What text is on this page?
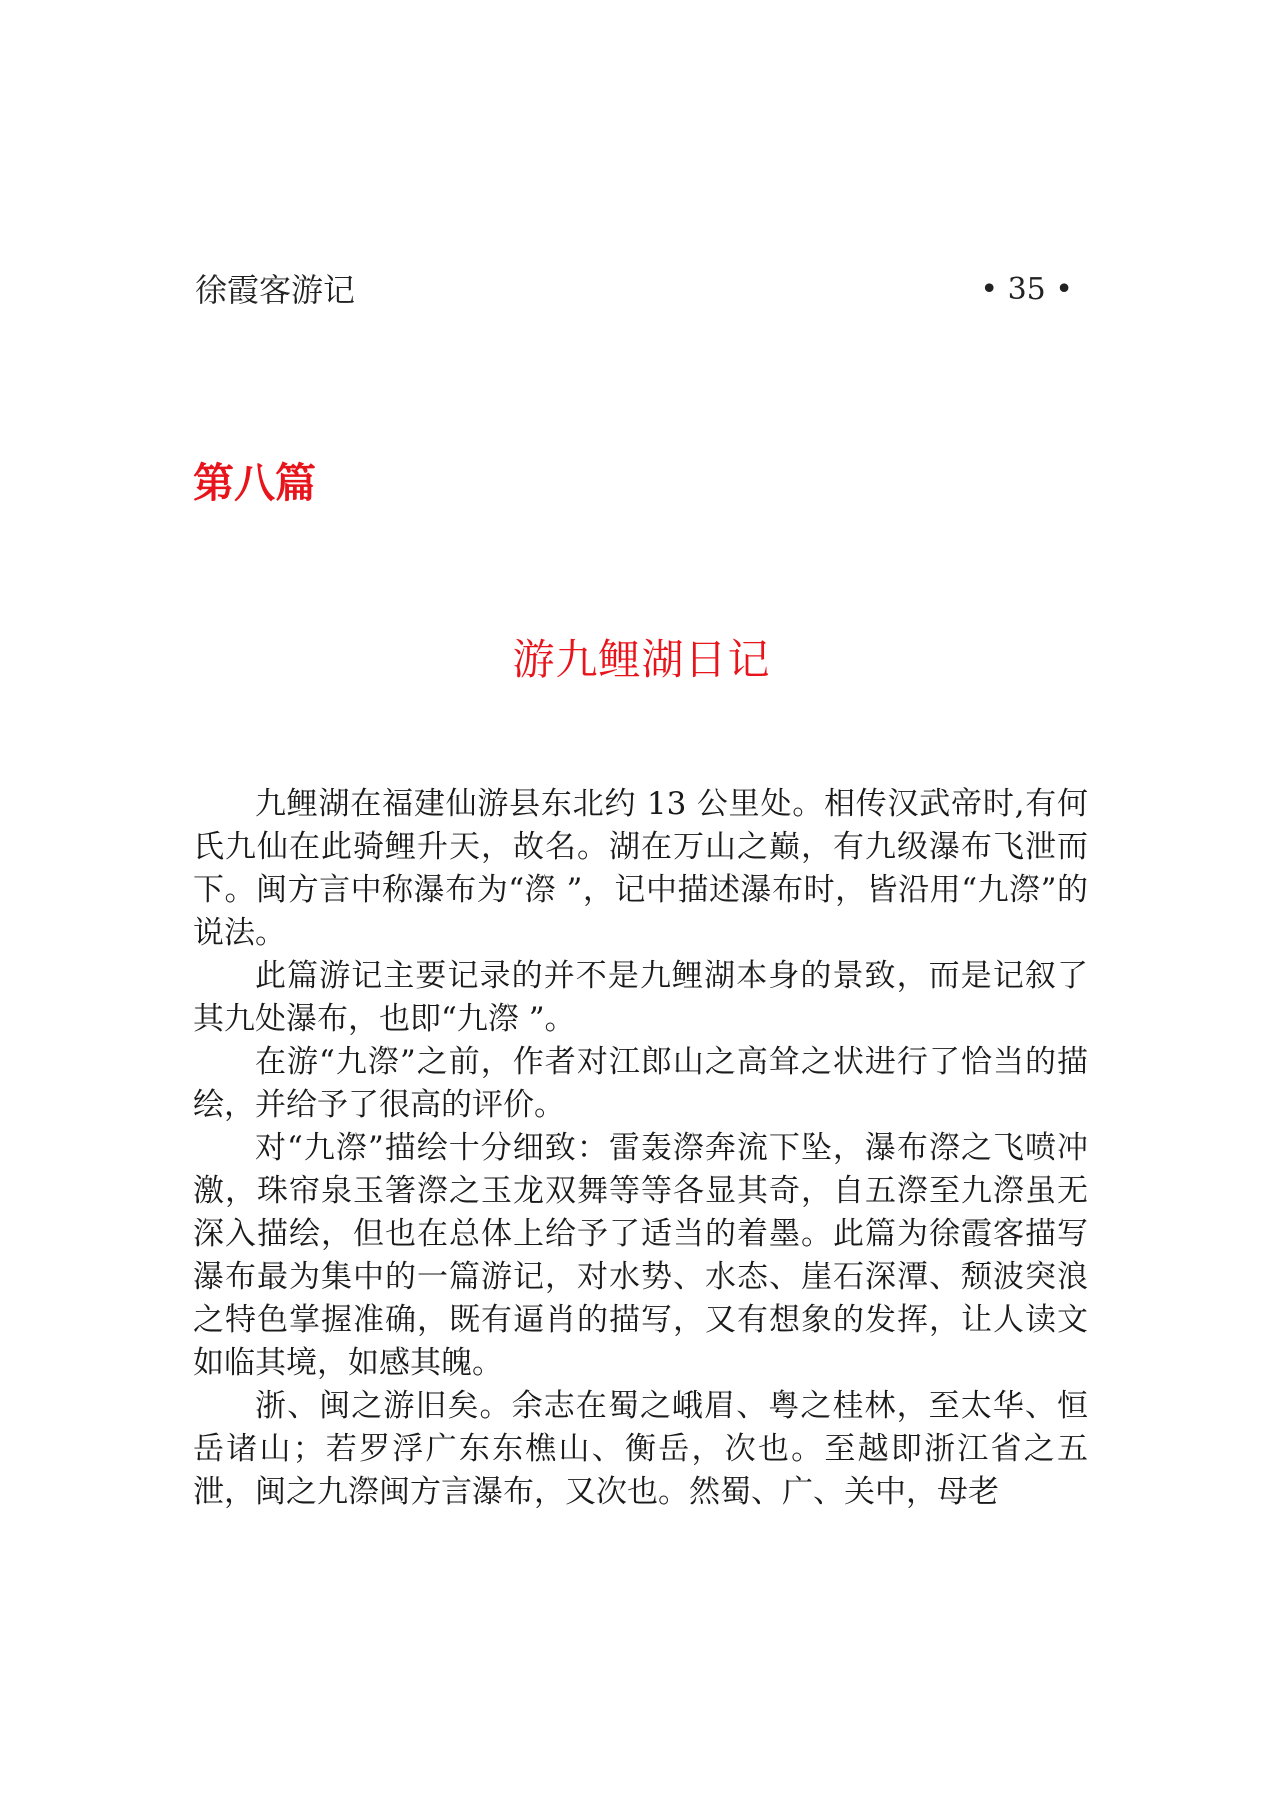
徐霞客游记	• 35 •
第八篇
游九鲤湖日记

九鲤湖在福建仙游县东北约 13 公里处。相传汉武帝时,有何氏九仙在此骑鲤升天，故名。湖在万山之巅，有九级瀑布飞泄而下。闽方言中称瀑布为“漈 ”，记中描述瀑布时，皆沿用“九漈”的说法。

此篇游记主要记录的并不是九鲤湖本身的景致，而是记叙了其九处瀑布，也即“九漈 ”。

在游“九漈”之前，作者对江郎山之高耸之状进行了恰当的描绘，并给予了很高的评价。

对“九漈”描绘十分细致：雷轰漈奔流下坠，瀑布漈之飞喷冲激，珠帘泉玉箸漈之玉龙双舞等等各显其奇，自五漈至九漈虽无深入描绘，但也在总体上给予了适当的着墨。此篇为徐霞客描写瀑布最为集中的一篇游记，对水势、水态、崖石深潭、颓波突浪之特色掌握准确，既有逼肖的描写，又有想象的发挥，让人读文如临其境，如感其魄。

浙、闽之游旧矣。余志在蜀之峨眉、粤之桂林，至太华、恒岳诸山；若罗浮广东东樵山、衡岳，次也。至越即浙江省之五泄，闽之九漈闽方言瀑布，又次也。然蜀、广、关中，母老
